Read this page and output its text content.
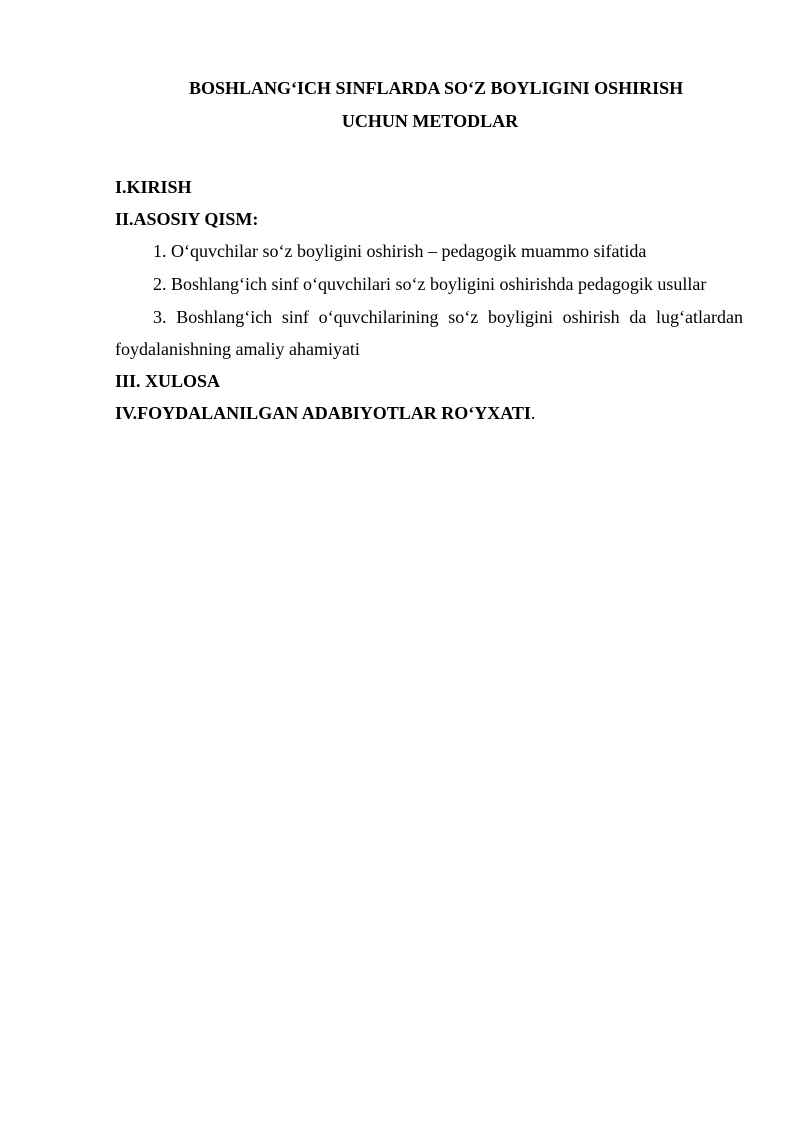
BOSHLANG‘ICH SINFLARDA SO‘Z BOYLIGINI OSHIRISH
UCHUN METODLAR
I.KIRISH
II.ASOSIY QISM:
1. O‘quvchilar so‘z boyligini oshirish – pedagogik muammo sifatida
2. Boshlang‘ich sinf o‘quvchilari so‘z boyligini oshirishda pedagogik usullar
3. Boshlang‘ich sinf o‘quvchilarining so‘z boyligini oshirish da lug‘atlardan
foydalanishning amaliy ahamiyati
III. XULOSA
IV.FOYDALANILGAN ADABIYOTLAR RO‘YXATI.
